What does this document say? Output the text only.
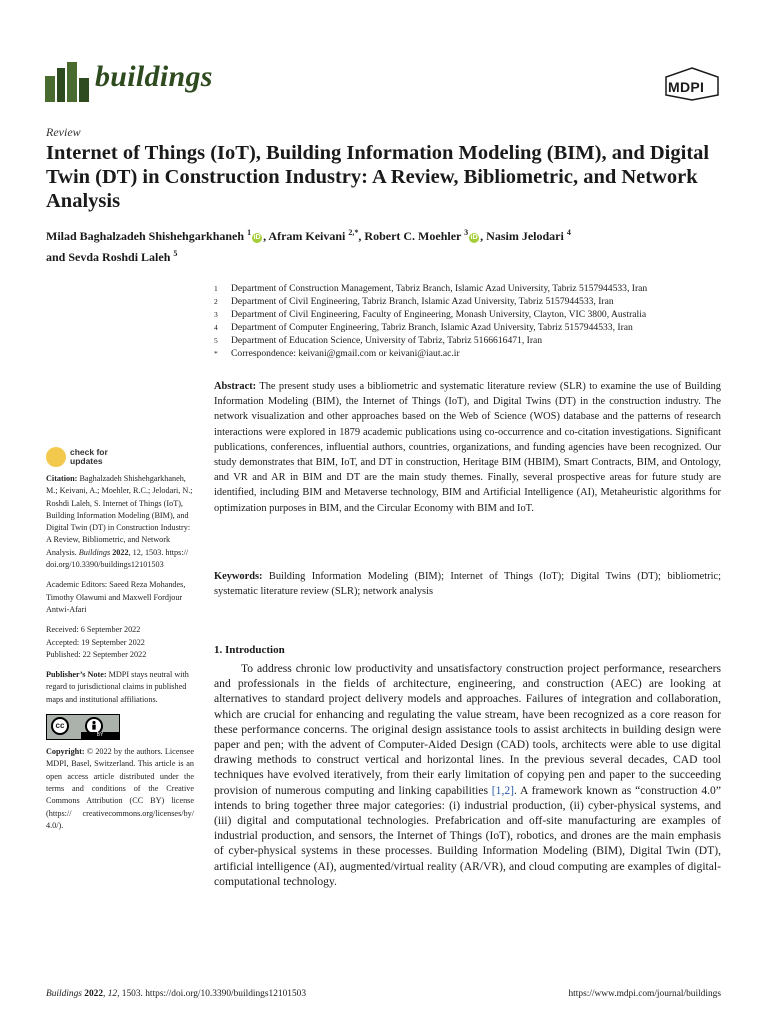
buildings	MDPI
Review
Internet of Things (IoT), Building Information Modeling (BIM), and Digital Twin (DT) in Construction Industry: A Review, Bibliometric, and Network Analysis
Milad Baghalzadeh Shishehgarkhaneh $^1$iD , Afram Keivani $^{2,*}$, Robert C. Moehler $^3$iD , Nasim Jelodari $^4$
and Sevda Roshdi Laleh $^5$
1	Department of Construction Management, Tabriz Branch, Islamic Azad University, Tabriz 5157944533, Iran
2	Department of Civil Engineering, Tabriz Branch, Islamic Azad University, Tabriz 5157944533, Iran
3	Department of Civil Engineering, Faculty of Engineering, Monash University, Clayton, VIC 3800, Australia
4	Department of Computer Engineering, Tabriz Branch, Islamic Azad University, Tabriz 5157944533, Iran
5	Department of Education Science, University of Tabriz, Tabriz 5166616471, Iran
*	Correspondence: keivani@gmail.com or keivani@iaut.ac.ir
check for
updates
Citation: Baghalzadeh Shishehgarkhaneh, M.; Keivani, A.; Moehler, R.C.; Jelodari, N.; Roshdi Laleh, S. Internet of Things (IoT), Building Information Modeling (BIM), and Digital Twin (DT) in Construction Industry: A Review, Bibliometric, and Network Analysis. Buildings 2022, 12, 1503. https:// doi.org/10.3390/buildings12101503
Academic Editors: Saeed Reza Mohandes, Timothy Olawumi and Maxwell Fordjour Antwi-Afari
Received: 6 September 2022
Accepted: 19 September 2022
Published: 22 September 2022
Publisher’s Note: MDPI stays neutral with regard to jurisdictional claims in published maps and institutional affiliations.
cc
BY
Copyright: © 2022 by the authors. Licensee MDPI, Basel, Switzerland. This article is an open access article distributed under the terms and conditions of the Creative Commons Attribution (CC BY) license (https:// creativecommons.org/licenses/by/ 4.0/).
Abstract: The present study uses a bibliometric and systematic literature review (SLR) to examine the use of Building Information Modeling (BIM), the Internet of Things (IoT), and Digital Twins (DT) in the construction industry. The network visualization and other approaches based on the Web of Science (WOS) database and the patterns of research interactions were explored in 1879 academic publications using co-occurrence and co-citation investigations. Significant publications, conferences, influential authors, countries, organizations, and funding agencies have been recognized. Our study demonstrates that BIM, IoT, and DT in construction, Heritage BIM (HBIM), Smart Contracts, BIM, and Ontology, and VR and AR in BIM and DT are the main study themes. Finally, several prospective areas for future study are identified, including BIM and Metaverse technology, BIM and Artificial Intelligence (AI), Metaheuristic algorithms for optimization purposes in BIM, and the Circular Economy with BIM and IoT.
Keywords: Building Information Modeling (BIM); Internet of Things (IoT); Digital Twins (DT); bibliometric; systematic literature review (SLR); network analysis
1. Introduction
To address chronic low productivity and unsatisfactory construction project performance, researchers and professionals in the fields of architecture, engineering, and construction (AEC) are looking at alternatives to standard project delivery models and approaches. Failures of integration and collaboration, which are crucial for enhancing and regulating the value stream, have been recognized as a core reason for these performance concerns. The original design assistance tools to assist architects in building design were paper and pen; with the advent of Computer-Aided Design (CAD) tools, architects were able to use digital drawing methods to construct vertical and horizontal lines. In the previous several decades, CAD tool techniques have evolved iteratively, from their early limitation of copying pen and paper to the succeeding provision of numerous computing and linking capabilities [1,2]. A framework known as “construction 4.0” intends to bring together three major categories: (i) industrial production, (ii) cyber-physical systems, and (iii) digital and computational technologies. Prefabrication and off-site manufacturing are examples of industrial production, and sensors, the Internet of Things (IoT), robotics, and drones are the main emphasis of cyber-physical systems in these processes. Building Information Modeling (BIM), Digital Twin (DT), artificial intelligence (AI), augmented/virtual reality (AR/VR), and cloud computing are examples of digital-computational technology.
Buildings 2022, 12, 1503. https://doi.org/10.3390/buildings12101503	https://www.mdpi.com/journal/buildings
